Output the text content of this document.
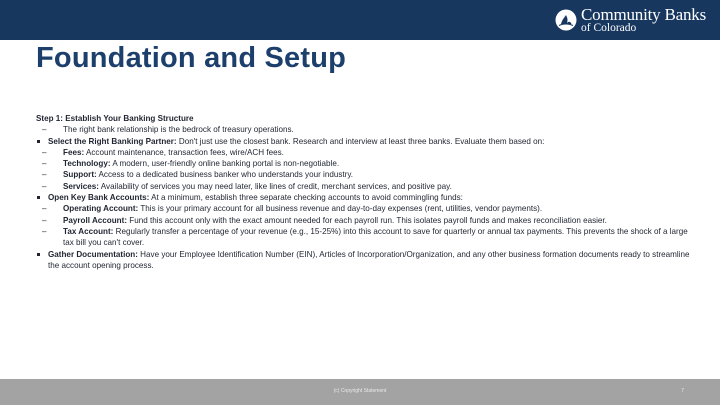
Community Banks
of Colorado
Foundation and Setup

Step 1: Establish Your Banking Structure

– The right bank relationship is the bedrock of treasury operations.
Select the Right Banking Partner: Don't just use the closest bank. Research and interview at least three banks. Evaluate them based on:
– Fees: Account maintenance, transaction fees, wire/ACH fees.
– Technology: A modern, user-friendly online banking portal is non-negotiable.
– Support: Access to a dedicated business banker who understands your industry.
– Services: Availability of services you may need later, like lines of credit, merchant services, and positive pay.
Open Key Bank Accounts: At a minimum, establish three separate checking accounts to avoid commingling funds:
– Operating Account: This is your primary account for all business revenue and day-to-day expenses (rent, utilities, vendor payments).
– Payroll Account: Fund this account only with the exact amount needed for each payroll run. This isolates payroll funds and makes reconciliation easier.
– Tax Account: Regularly transfer a percentage of your revenue (e.g., 15-25%) into this account to save for quarterly or annual tax payments. This prevents the shock of a large tax bill you can't cover.
Gather Documentation: Have your Employee Identification Number (EIN), Articles of Incorporation/Organization, and any other business formation documents ready to streamline the account opening process.
(c) Copyright Statement	7
